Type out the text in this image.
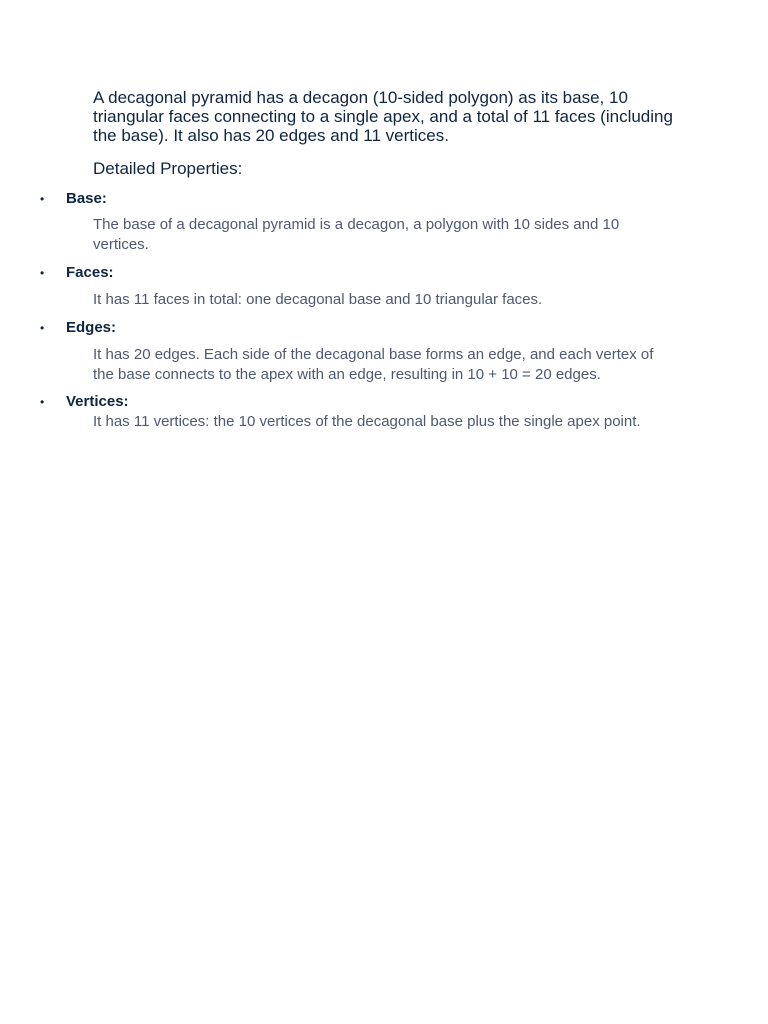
A decagonal pyramid has a decagon (10-sided polygon) as its base, 10 triangular faces connecting to a single apex, and a total of 11 faces (including the base). It also has 20 edges and 11 vertices.

Detailed Properties:

• Base:

The base of a decagonal pyramid is a decagon, a polygon with 10 sides and 10 vertices.

• Faces:

It has 11 faces in total: one decagonal base and 10 triangular faces.

• Edges:

It has 20 edges. Each side of the decagonal base forms an edge, and each vertex of the base connects to the apex with an edge, resulting in 10 + 10 = 20 edges.

• Vertices:

It has 11 vertices: the 10 vertices of the decagonal base plus the single apex point.
